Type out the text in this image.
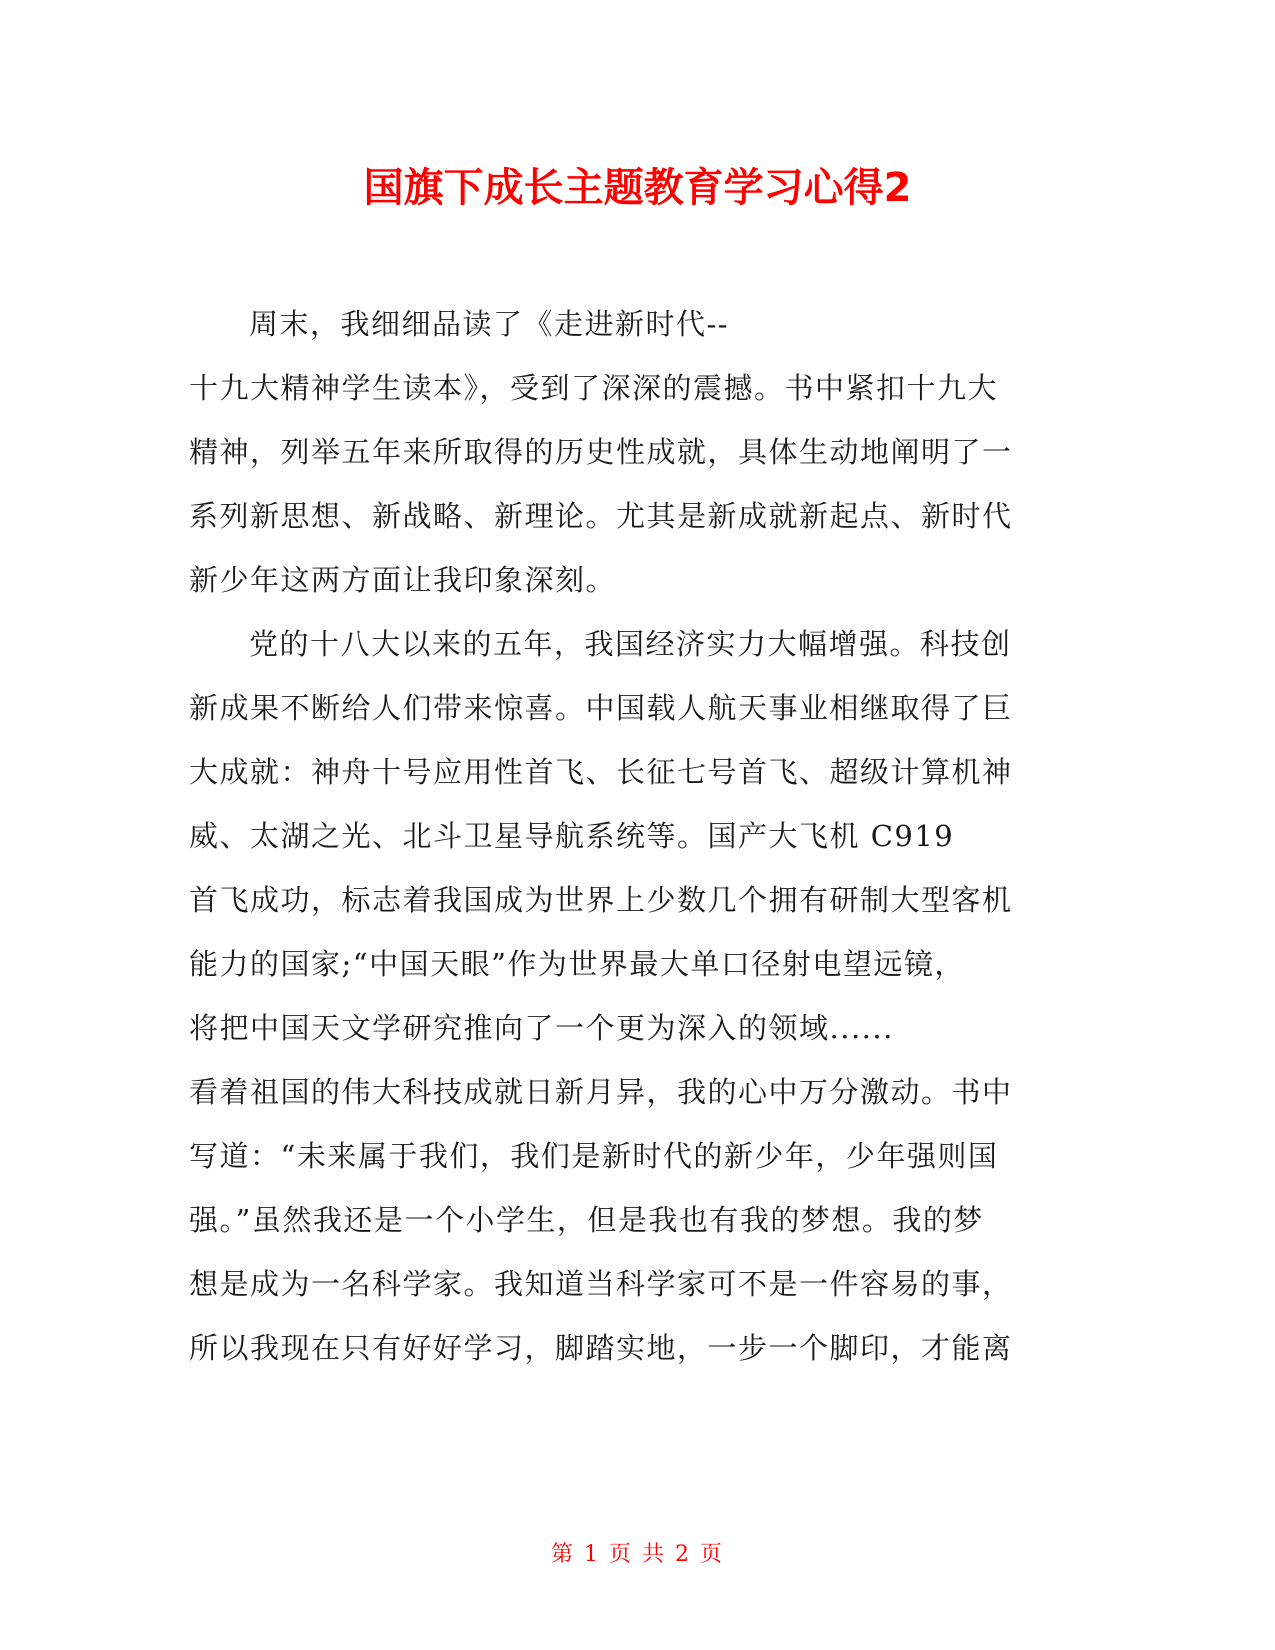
国旗下成长主题教育学习心得2
周末，我细细品读了《走进新时代--
十九大精神学生读本》，受到了深深的震撼。书中紧扣十九大
精神，列举五年来所取得的历史性成就，具体生动地阐明了一
系列新思想、新战略、新理论。尤其是新成就新起点、新时代
新少年这两方面让我印象深刻。
党的十八大以来的五年，我国经济实力大幅增强。科技创
新成果不断给人们带来惊喜。中国载人航天事业相继取得了巨
大成就：神舟十号应用性首飞、长征七号首飞、超级计算机神
威、太湖之光、北斗卫星导航系统等。国产大飞机 C919
首飞成功，标志着我国成为世界上少数几个拥有研制大型客机
能力的国家;“中国天眼”作为世界最大单口径射电望远镜，
将把中国天文学研究推向了一个更为深入的领域......
看着祖国的伟大科技成就日新月异，我的心中万分激动。书中
写道：“未来属于我们，我们是新时代的新少年，少年强则国
强。”虽然我还是一个小学生，但是我也有我的梦想。我的梦
想是成为一名科学家。我知道当科学家可不是一件容易的事，
所以我现在只有好好学习，脚踏实地，一步一个脚印，才能离
第 1 页 共 2 页
